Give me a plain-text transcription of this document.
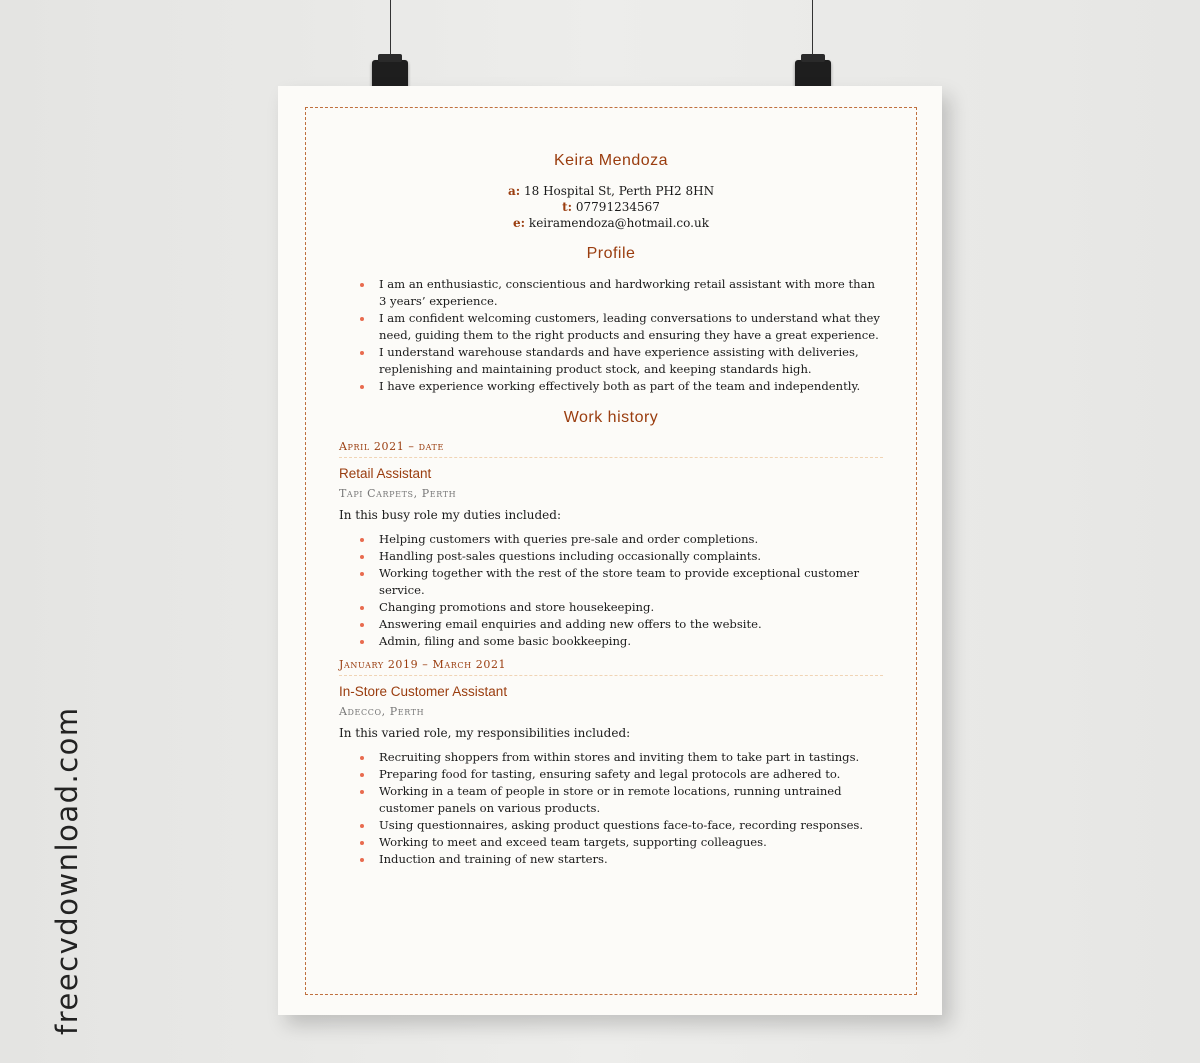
Keira Mendoza
a: 18 Hospital St, Perth PH2 8HN
t: 07791234567
e: keiramendoza@hotmail.co.uk
Profile
I am an enthusiastic, conscientious and hardworking retail assistant with more than 3 years’ experience.
I am confident welcoming customers, leading conversations to understand what they need, guiding them to the right products and ensuring they have a great experience.
I understand warehouse standards and have experience assisting with deliveries, replenishing and maintaining product stock, and keeping standards high.
I have experience working effectively both as part of the team and independently.
Work history
April 2021 – date
Retail Assistant
Tapi Carpets, Perth
In this busy role my duties included:
Helping customers with queries pre-sale and order completions.
Handling post-sales questions including occasionally complaints.
Working together with the rest of the store team to provide exceptional customer service.
Changing promotions and store housekeeping.
Answering email enquiries and adding new offers to the website.
Admin, filing and some basic bookkeeping.
January 2019 – March 2021
In-Store Customer Assistant
Adecco, Perth
In this varied role, my responsibilities included:
Recruiting shoppers from within stores and inviting them to take part in tastings.
Preparing food for tasting, ensuring safety and legal protocols are adhered to.
Working in a team of people in store or in remote locations, running untrained customer panels on various products.
Using questionnaires, asking product questions face-to-face, recording responses.
Working to meet and exceed team targets, supporting colleagues.
Induction and training of new starters.
freecvdownload.com
